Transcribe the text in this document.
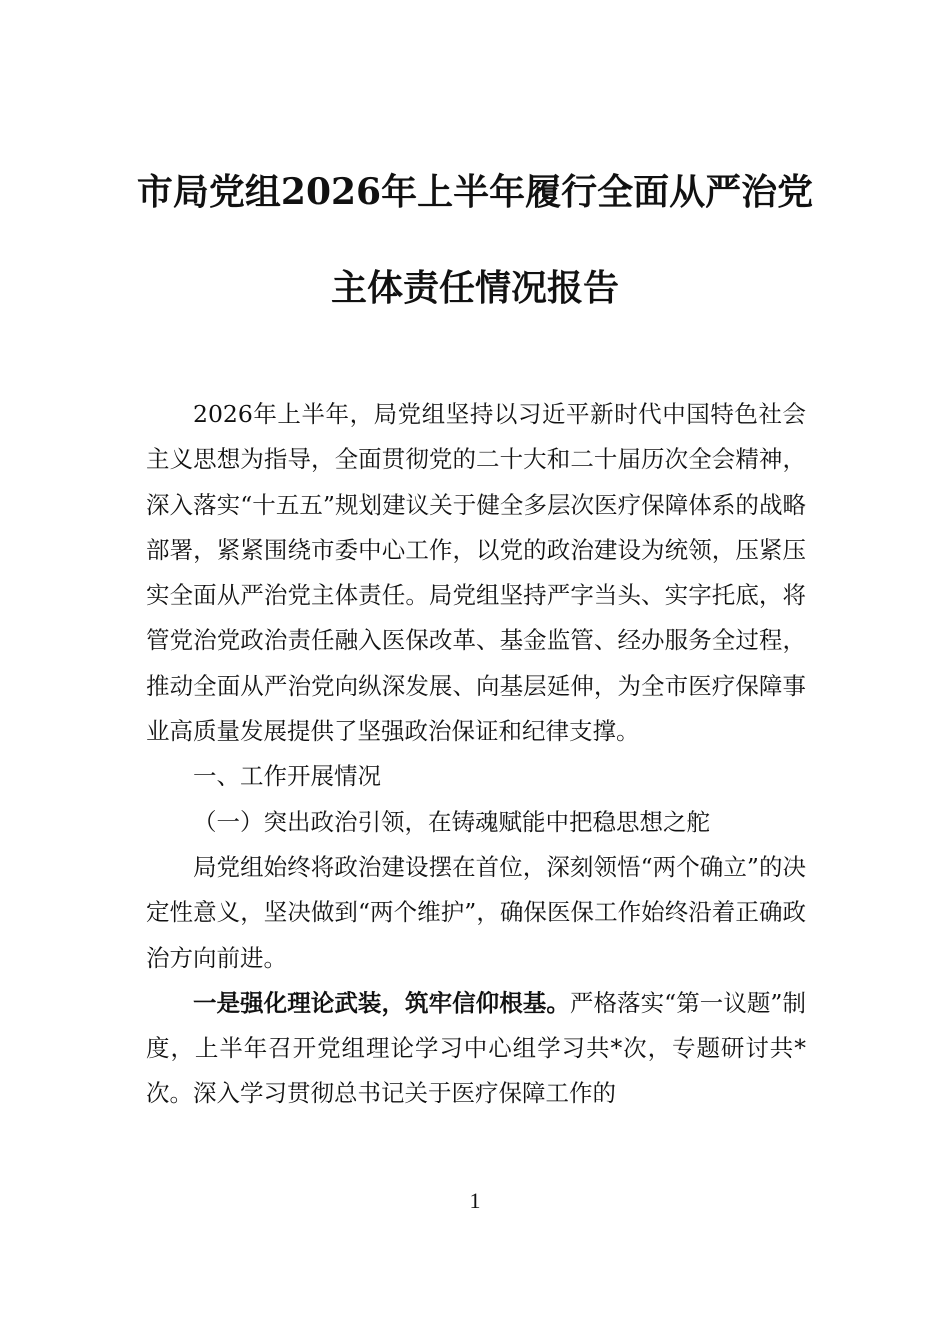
市局党组2026年上半年履行全面从严治党
主体责任情况报告

2026年上半年，局党组坚持以习近平新时代中国特色社会主义思想为指导，全面贯彻党的二十大和二十届历次全会精神，深入落实“十五五”规划建议关于健全多层次医疗保障体系的战略部署，紧紧围绕市委中心工作，以党的政治建设为统领，压紧压实全面从严治党主体责任。局党组坚持严字当头、实字托底，将管党治党政治责任融入医保改革、基金监管、经办服务全过程，推动全面从严治党向纵深发展、向基层延伸，为全市医疗保障事业高质量发展提供了坚强政治保证和纪律支撑。

一、工作开展情况

（一）突出政治引领，在铸魂赋能中把稳思想之舵

局党组始终将政治建设摆在首位，深刻领悟“两个确立”的决定性意义，坚决做到“两个维护”，确保医保工作始终沿着正确政治方向前进。

一是强化理论武装，筑牢信仰根基。严格落实“第一议题”制度，上半年召开党组理论学习中心组学习共*次，专题研讨共*次。深入学习贯彻总书记关于医疗保障工作的

1
